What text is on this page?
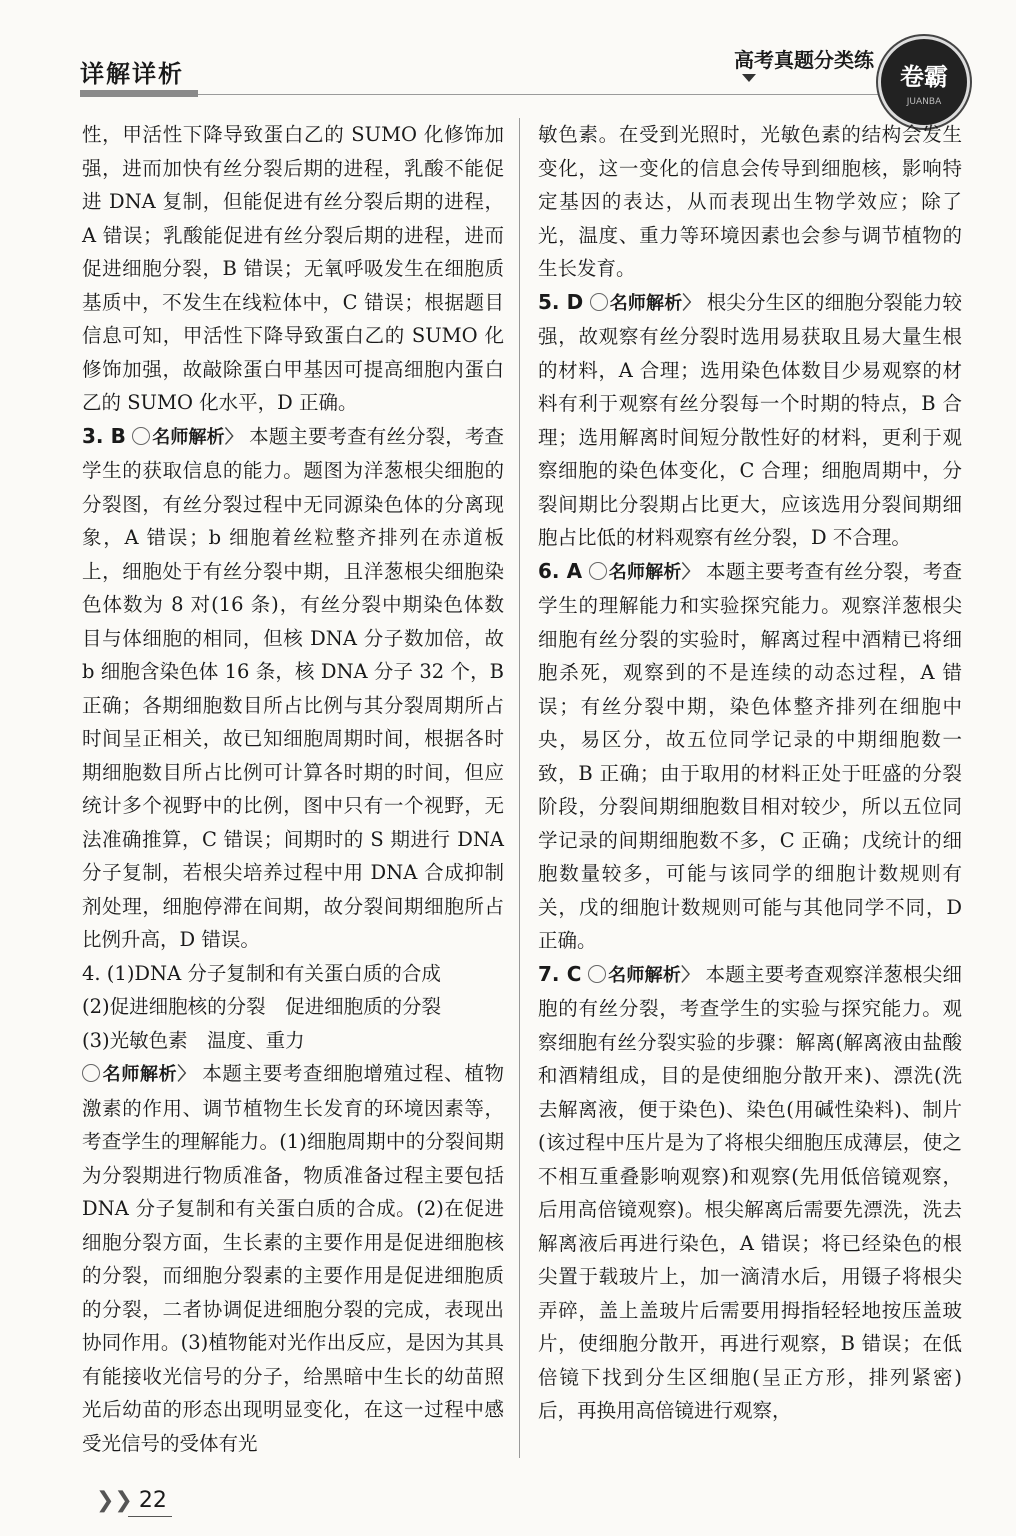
详解详析	高考真题分类练
卷霸
JUANBA

性，甲活性下降导致蛋白乙的 SUMO 化修饰加强，进而加快有丝分裂后期的进程，乳酸不能促进 DNA 复制，但能促进有丝分裂后期的进程，A 错误；乳酸能促进有丝分裂后期的进程，进而促进细胞分裂，B 错误；无氧呼吸发生在细胞质基质中，不发生在线粒体中，C 错误；根据题目信息可知，甲活性下降导致蛋白乙的 SUMO 化修饰加强，故敲除蛋白甲基因可提高细胞内蛋白乙的 SUMO 化水平，D 正确。

3. B 名师解析〉 本题主要考查有丝分裂，考查学生的获取信息的能力。题图为洋葱根尖细胞的分裂图，有丝分裂过程中无同源染色体的分离现象，A 错误；b 细胞着丝粒整齐排列在赤道板上，细胞处于有丝分裂中期，且洋葱根尖细胞染色体数为 8 对(16 条)，有丝分裂中期染色体数目与体细胞的相同，但核 DNA 分子数加倍，故 b 细胞含染色体 16 条，核 DNA 分子 32 个，B 正确；各期细胞数目所占比例与其分裂周期所占时间呈正相关，故已知细胞周期时间，根据各时期细胞数目所占比例可计算各时期的时间，但应统计多个视野中的比例，图中只有一个视野，无法准确推算，C 错误；间期时的 S 期进行 DNA 分子复制，若根尖培养过程中用 DNA 合成抑制剂处理，细胞停滞在间期，故分裂间期细胞所占比例升高，D 错误。

4. (1)DNA 分子复制和有关蛋白质的合成

(2)促进细胞核的分裂　促进细胞质的分裂

(3)光敏色素　温度、重力

名师解析〉 本题主要考查细胞增殖过程、植物激素的作用、调节植物生长发育的环境因素等，考查学生的理解能力。(1)细胞周期中的分裂间期为分裂期进行物质准备，物质准备过程主要包括 DNA 分子复制和有关蛋白质的合成。(2)在促进细胞分裂方面，生长素的主要作用是促进细胞核的分裂，而细胞分裂素的主要作用是促进细胞质的分裂，二者协调促进细胞分裂的完成，表现出协同作用。(3)植物能对光作出反应，是因为其具有能接收光信号的分子，给黑暗中生长的幼苗照光后幼苗的形态出现明显变化，在这一过程中感受光信号的受体有光

敏色素。在受到光照时，光敏色素的结构会发生变化，这一变化的信息会传导到细胞核，影响特定基因的表达，从而表现出生物学效应；除了光，温度、重力等环境因素也会参与调节植物的生长发育。

5. D 名师解析〉 根尖分生区的细胞分裂能力较强，故观察有丝分裂时选用易获取且易大量生根的材料，A 合理；选用染色体数目少易观察的材料有利于观察有丝分裂每一个时期的特点，B 合理；选用解离时间短分散性好的材料，更利于观察细胞的染色体变化，C 合理；细胞周期中，分裂间期比分裂期占比更大，应该选用分裂间期细胞占比低的材料观察有丝分裂，D 不合理。

6. A 名师解析〉 本题主要考查有丝分裂，考查学生的理解能力和实验探究能力。观察洋葱根尖细胞有丝分裂的实验时，解离过程中酒精已将细胞杀死，观察到的不是连续的动态过程，A 错误；有丝分裂中期，染色体整齐排列在细胞中央，易区分，故五位同学记录的中期细胞数一致，B 正确；由于取用的材料正处于旺盛的分裂阶段，分裂间期细胞数目相对较少，所以五位同学记录的间期细胞数不多，C 正确；戊统计的细胞数量较多，可能与该同学的细胞计数规则有关，戊的细胞计数规则可能与其他同学不同，D 正确。

7. C 名师解析〉 本题主要考查观察洋葱根尖细胞的有丝分裂，考查学生的实验与探究能力。观察细胞有丝分裂实验的步骤：解离(解离液由盐酸和酒精组成，目的是使细胞分散开来)、漂洗(洗去解离液，便于染色)、染色(用碱性染料)、制片(该过程中压片是为了将根尖细胞压成薄层，使之不相互重叠影响观察)和观察(先用低倍镜观察，后用高倍镜观察)。根尖解离后需要先漂洗，洗去解离液后再进行染色，A 错误；将已经染色的根尖置于载玻片上，加一滴清水后，用镊子将根尖弄碎，盖上盖玻片后需要用拇指轻轻地按压盖玻片，使细胞分散开，再进行观察，B 错误；在低倍镜下找到分生区细胞(呈正方形，排列紧密)后，再换用高倍镜进行观察，

❯❯ 22
